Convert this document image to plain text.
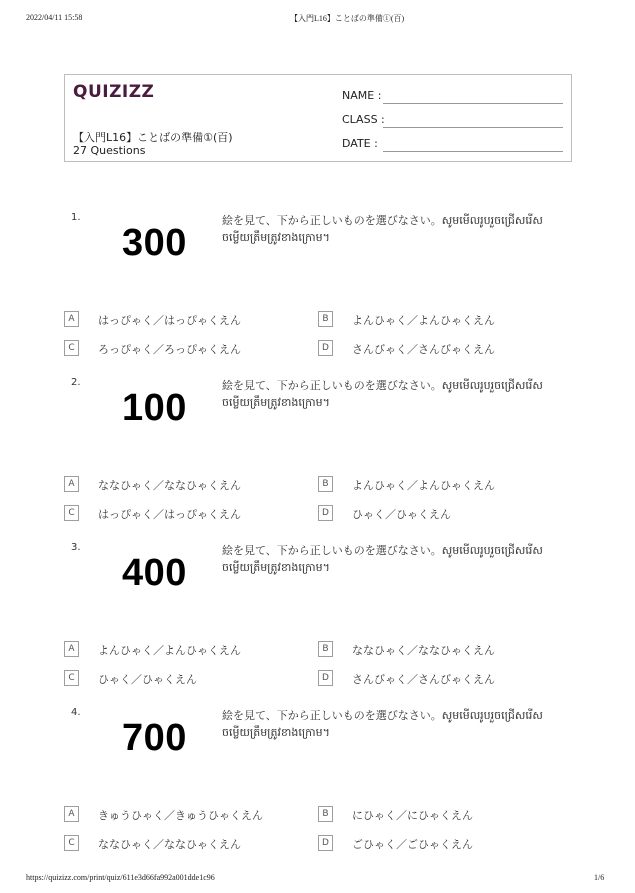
2022/04/11 15:58	【入門L16】ことばの準備①(百)
QUIZIZZ
【入門L16】ことばの準備①(百)
27 Questions
NAME :
CLASS :
DATE :
1.
300
絵を見て、下から正しいものを選びなさい。សូមមើលរូបរួចជ្រើសរើសចម្លើយត្រឹមត្រូវខាងក្រោម។
A	はっぴゃく／はっぴゃくえん	B	よんひゃく／よんひゃくえん
C	ろっぴゃく／ろっぴゃくえん	D	さんびゃく／さんびゃくえん
2.
100
絵を見て、下から正しいものを選びなさい。សូមមើលរូបរួចជ្រើសរើសចម្លើយត្រឹមត្រូវខាងក្រោម។
A	ななひゃく／ななひゃくえん	B	よんひゃく／よんひゃくえん
C	はっぴゃく／はっぴゃくえん	D	ひゃく／ひゃくえん
3.
400
絵を見て、下から正しいものを選びなさい。សូមមើលរូបរួចជ្រើសរើសចម្លើយត្រឹមត្រូវខាងក្រោម។
A	よんひゃく／よんひゃくえん	B	ななひゃく／ななひゃくえん
C	ひゃく／ひゃくえん	D	さんびゃく／さんびゃくえん
4.
700
絵を見て、下から正しいものを選びなさい。សូមមើលរូបរួចជ្រើសរើសចម្លើយត្រឹមត្រូវខាងក្រោម។
A	きゅうひゃく／きゅうひゃくえん	B	にひゃく／にひゃくえん
C	ななひゃく／ななひゃくえん	D	ごひゃく／ごひゃくえん
https://quizizz.com/print/quiz/611e3d66fa992a001dde1c96	1/6
